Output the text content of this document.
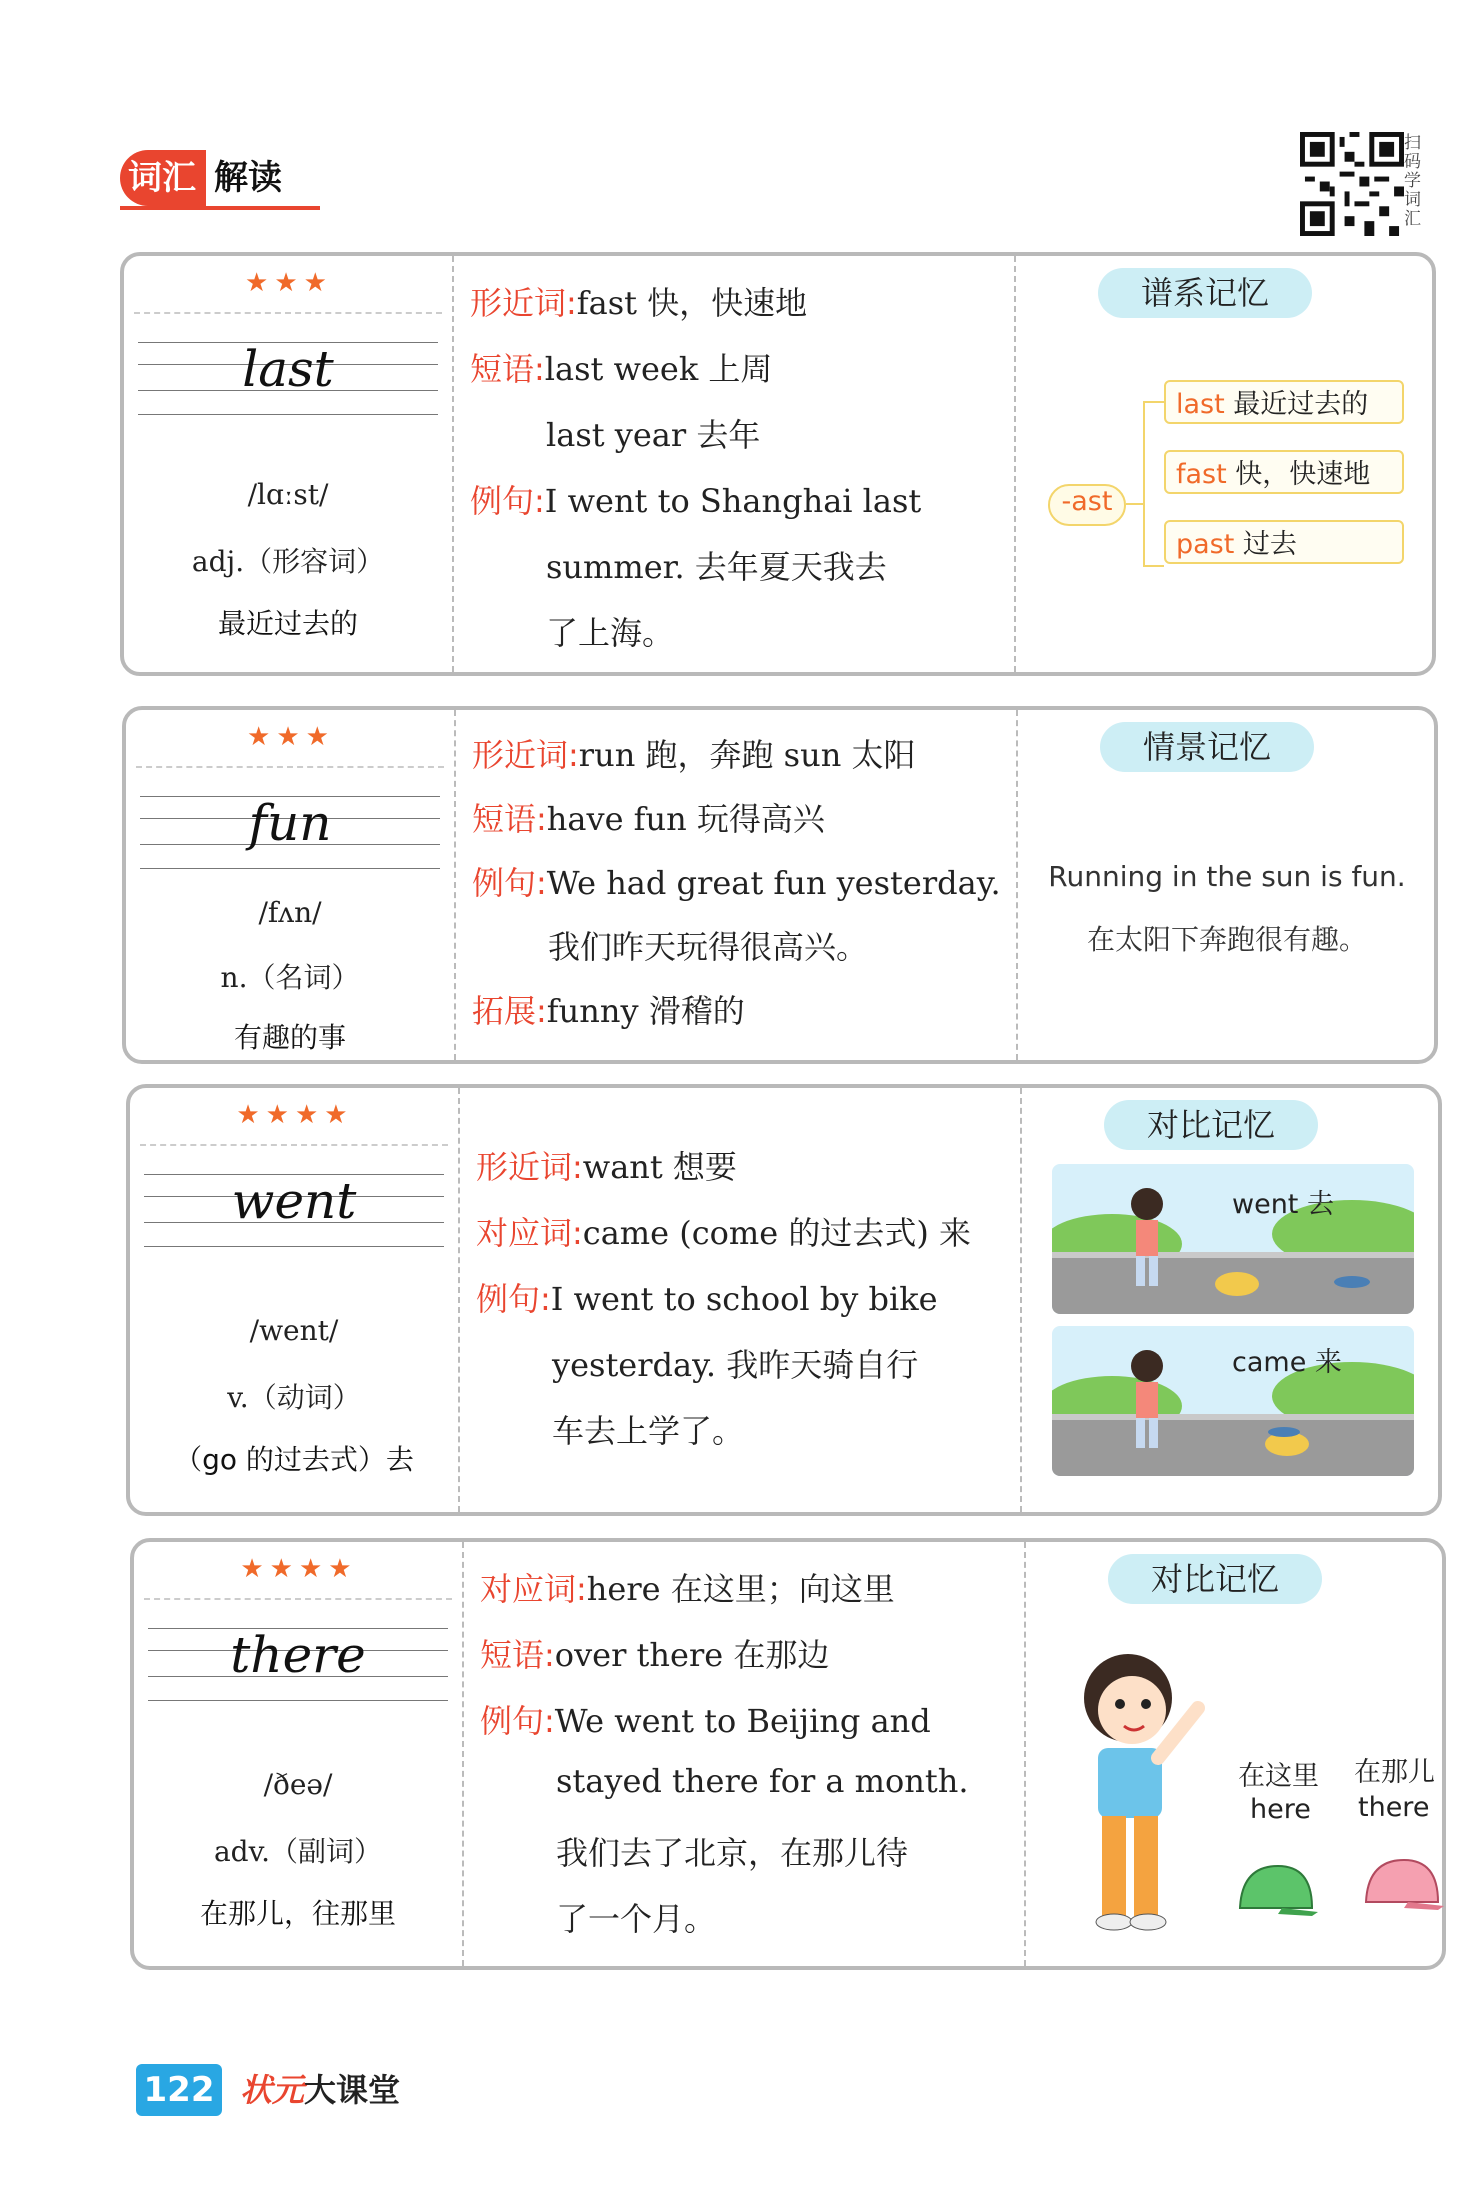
词汇 解读
扫码学词汇
★★★
last
/lɑːst/
adj.（形容词）
最近过去的
形近词:fast 快，快速地
短语:last week 上周
last year 去年
例句:I went to Shanghai last
summer. 去年夏天我去
了上海。
谱系记忆
-ast
last 最近过去的
fast 快，快速地
past 过去
★★★
fun
/fʌn/
n.（名词）
有趣的事
形近词:run 跑，奔跑 sun 太阳
短语:have fun 玩得高兴
例句:We had great fun yesterday.
我们昨天玩得很高兴。
拓展:funny 滑稽的
情景记忆
Running in the sun is fun.
在太阳下奔跑很有趣。
★★★★
went
/went/
v.（动词）
（go 的过去式）去
形近词:want 想要
对应词:came (come 的过去式) 来
例句:I went to school by bike
yesterday. 我昨天骑自行
车去上学了。
对比记忆
went 去
came 来
★★★★
there
/ðeə/
adv.（副词）
在那儿，往那里
对应词:here 在这里；向这里
短语:over there 在那边
例句:We went to Beijing and
stayed there for a month.
我们去了北京，在那儿待
了一个月。
对比记忆
在这里
here
在那儿
there
122 状元大课堂
